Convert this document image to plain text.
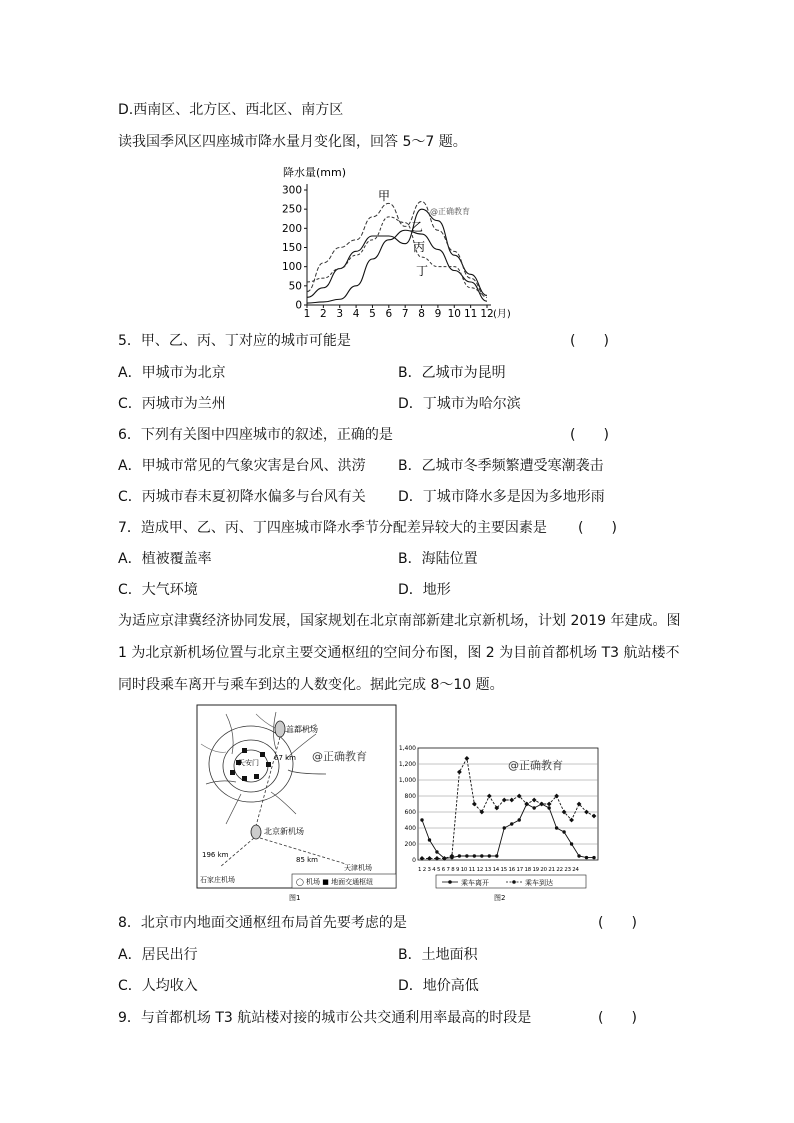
D.西南区、北方区、西北区、南方区
读我国季风区四座城市降水量月变化图，回答 5～7 题。
降水量(mm)
0
50
100
150
200
250
300
1 2 3 4 5 6 7 8 9 10 11 12 (月)
@正确教育
甲
乙
丙
丁
5．甲、乙、丙、丁对应的城市可能是	(　　)
A．甲城市为北京	B．乙城市为昆明
C．丙城市为兰州	D．丁城市为哈尔滨
6．下列有关图中四座城市的叙述，正确的是	(　　)
A．甲城市常见的气象灾害是台风、洪涝 B．乙城市冬季频繁遭受寒潮袭击
C．丙城市春末夏初降水偏多与台风有关 D．丁城市降水多是因为多地形雨
7．造成甲、乙、丙、丁四座城市降水季节分配差异较大的主要因素是 (　　)
A．植被覆盖率	B．海陆位置
C．大气环境	D．地形
为适应京津冀经济协同发展，国家规划在北京南部新建北京新机场，计划 2019 年建成。图
1 为北京新机场位置与北京主要交通枢纽的空间分布图，图 2 为目前首都机场 T3 航站楼不
同时段乘车离开与乘车到达的人数变化。据此完成 8～10 题。
首都机场
天安门
67 km @正确教育
北京新机场
196 km
85 km
天津机场
石家庄机场	◯ 机场 ■ 地面交通枢纽
图1
0
200
400
600
800
1,000
1,200
1,400
@正确教育
1 2 3 4 5 6 7 8 9 10 11 12 13 14 15 16 17 18 19 20 21 22 23 24
乘车离开	乘车到达
图2
8．北京市内地面交通枢纽布局首先要考虑的是	(　　)
A．居民出行	B．土地面积
C．人均收入	D．地价高低
9．与首都机场 T3 航站楼对接的城市公共交通利用率最高的时段是	(　　)
